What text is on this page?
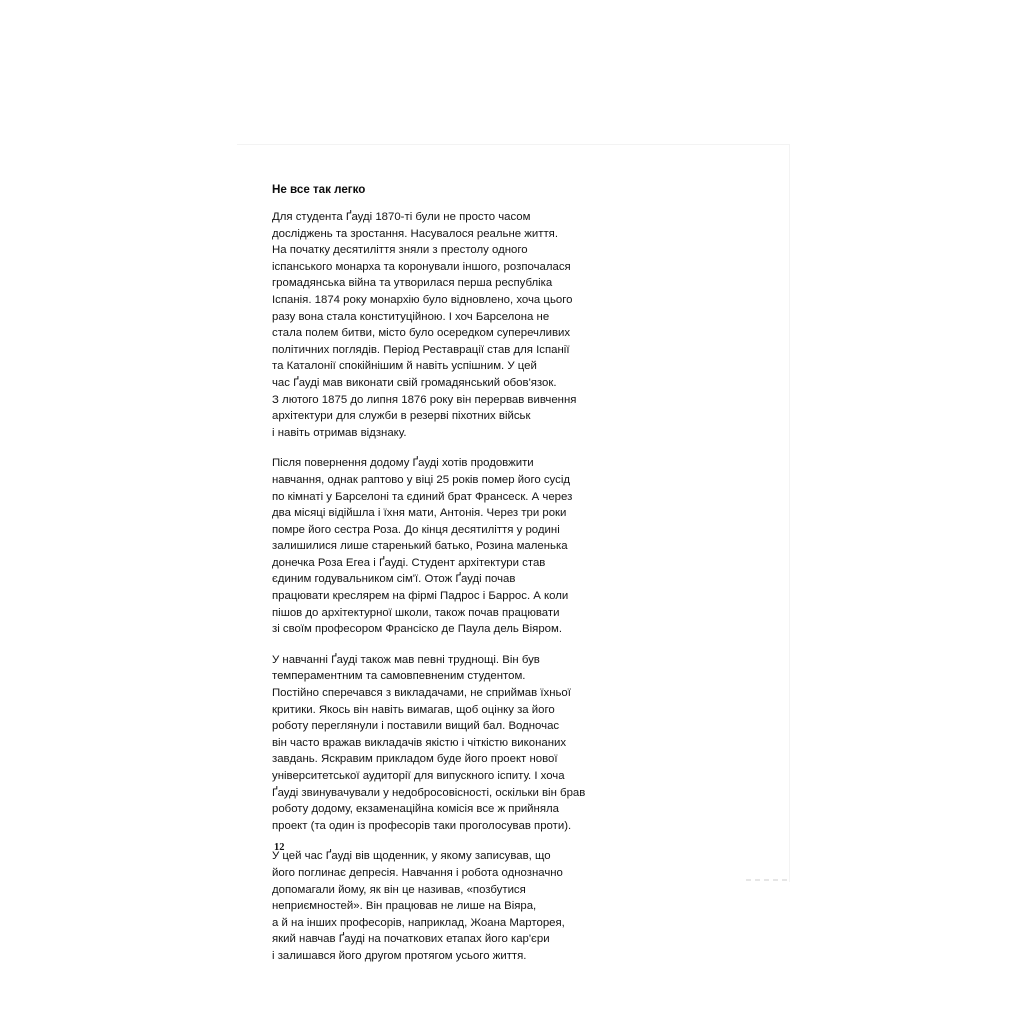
Не все так легко
Для студента Ґауді 1870-ті були не просто часом
досліджень та зростання. Насувалося реальне життя.
На початку десятиліття зняли з престолу одного
іспанського монарха та коронували іншого, розпочалася
громадянська війна та утворилася перша республіка
Іспанія. 1874 року монархію було відновлено, хоча цього
разу вона стала конституційною. І хоч Барселона не
стала полем битви, місто було осередком суперечливих
політичних поглядів. Період Реставрації став для Іспанії
та Каталонії спокійнішим й навіть успішним. У цей
час Ґауді мав виконати свій громадянський обов'язок.
З лютого 1875 до липня 1876 року він перервав вивчення
архітектури для служби в резерві піхотних військ
і навіть отримав відзнаку.
Після повернення додому Ґауді хотів продовжити
навчання, однак раптово у віці 25 років помер його сусід
по кімнаті у Барселоні та єдиний брат Франсеск. А через
два місяці відійшла і їхня мати, Антонія. Через три роки
помре його сестра Роза. До кінця десятиліття у родині
залишилися лише старенький батько, Розина маленька
донечка Роза Егеа і Ґауді. Студент архітектури став
єдиним годувальником сім'ї. Отож Ґауді почав
працювати креслярем на фірмі Падрос і Баррос. А коли
пішов до архітектурної школи, також почав працювати
зі своїм професором Франсіско де Паула дель Віяром.
У навчанні Ґауді також мав певні труднощі. Він був
темпераментним та самовпевненим студентом.
Постійно сперечався з викладачами, не сприймав їхньої
критики. Якось він навіть вимагав, щоб оцінку за його
роботу переглянули і поставили вищий бал. Водночас
він часто вражав викладачів якістю і чіткістю виконаних
завдань. Яскравим прикладом буде його проект нової
університетської аудиторії для випускного іспиту. І хоча
Ґауді звинувачували у недобросовісності, оскільки він брав
роботу додому, екзаменаційна комісія все ж прийняла
проект (та один із професорів таки проголосував проти).
У цей час Ґауді вів щоденник, у якому записував, що
його поглинає депресія. Навчання і робота однозначно
допомагали йому, як він це називав, «позбутися
неприємностей». Він працював не лише на Віяра,
а й на інших професорів, наприклад, Жоана Марторея,
який навчав Ґауді на початкових етапах його кар'єри
і залишався його другом протягом усього життя.
12
